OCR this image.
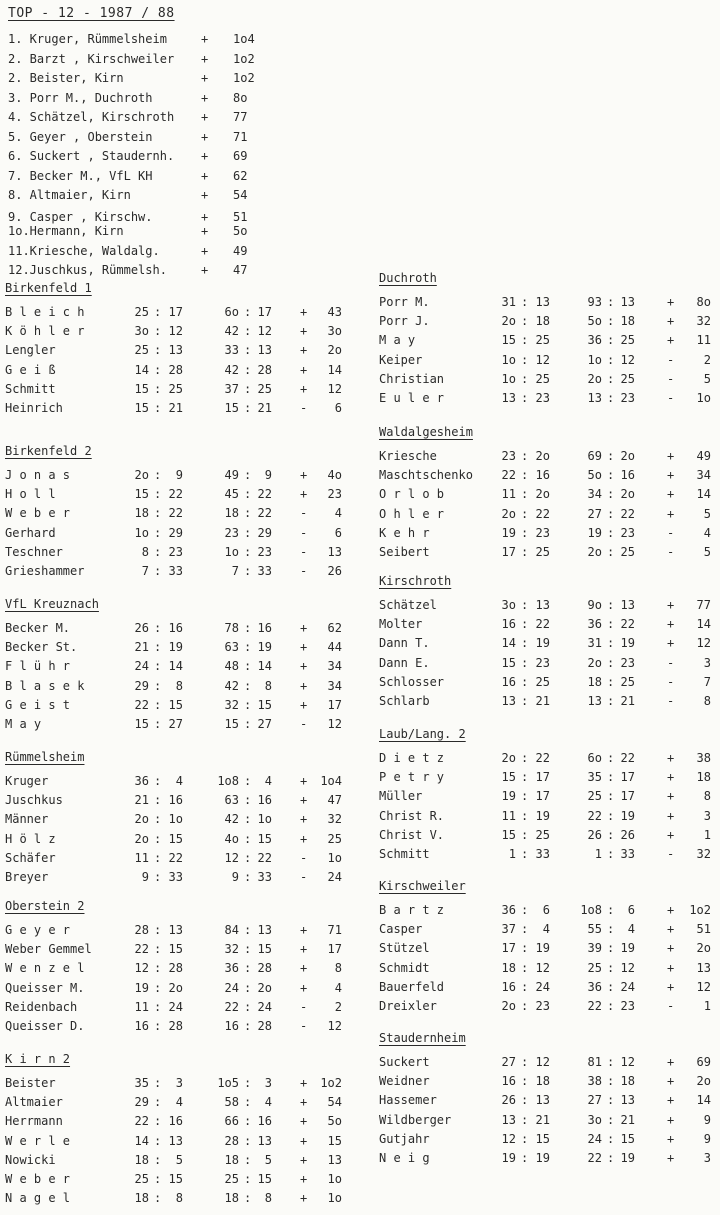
TOP - 12 - 1987 / 88
1. Kruger, Rümmelsheim	+ 1o4
2. Barzt , Kirschweiler + 1o2
2. Beister, Kirn	+ 1o2
3. Porr M., Duchroth	+ 8o
4. Schätzel, Kirschroth + 77
5. Geyer , Oberstein	+ 71
6. Suckert , Staudernh. + 69
7. Becker M., VfL KH	+ 62
8. Altmaier, Kirn	+ 54
9. Casper , Kirschw.	+ 51
1o.Hermann, Kirn	+ 5o
11.Kriesche, Waldalg.	+ 49
12.Juschkus, Rümmelsh.	+ 47
Birkenfeld 1
B l e i c h	25 : 17	6o : 17 +	43
K ö h l e r	3o : 12	42 : 12 +	3o
Lengler	25 : 13	33 : 13 +	2o
G e i ß	14 : 28	42 : 28 +	14
Schmitt	15 : 25	37 : 25 +	12
Heinrich	15 : 21	15 : 21 -	6
Birkenfeld 2
J o n a s	2o :	9	49 :	9 +	4o
H o l l	15 : 22	45 : 22 +	23
W e b e r	18 : 22	18 : 22 -	4
Gerhard	1o : 29	23 : 29 -	6
Teschner	8 : 23	1o : 23 -	13
Grieshammer	7 : 33	7 : 33 -	26
VfL Kreuznach
Becker M.	26 : 16	78 : 16 +	62
Becker St.	21 : 19	63 : 19 +	44
F l ü h r	24 : 14	48 : 14 +	34
B l a s e k	29 :	8	42 :	8 +	34
G e i s t	22 : 15	32 : 15 +	17
M a y	15 : 27	15 : 27 -	12
Rümmelsheim
Kruger	36 :	4	1o8 :	4 +	1o4
Juschkus	21 : 16	63 : 16 +	47
Männer	2o : 1o	42 : 1o +	32
H ö l z	2o : 15	4o : 15 +	25
Schäfer	11 : 22	12 : 22 -	1o
Breyer	9 : 33	9 : 33 -	24
Oberstein 2
G e y e r	28 : 13	84 : 13 +	71
Weber Gemmel	22 : 15	32 : 15 +	17
W e n z e l	12 : 28	36 : 28 +	8
Queisser M.	19 : 2o	24 : 2o +	4
Reidenbach	11 : 24	22 : 24 -	2
Queisser D.	16 : 28	16 : 28 -	12
K i r n 2
Beister	35 :	3	1o5 :	3 +	1o2
Altmaier	29 :	4	58 :	4 +	54
Herrmann	22 : 16	66 : 16 +	5o
W e r l e	14 : 13	28 : 13 +	15
Nowicki	18 :	5	18 :	5 +	13
W e b e r	25 : 15	25 : 15 +	1o
N a g e l	18 :	8	18 :	8 +	1o
Duchroth
Porr M.	31 : 13	93 : 13	+	8o
Porr J.	2o : 18	5o : 18	+	32
M a y	15 : 25	36 : 25	+	11
Keiper	1o : 12	1o : 12	-	2
Christian	1o : 25	2o : 25	-	5
E u l e r	13 : 23	13 : 23	-	1o
Waldalgesheim
Kriesche	23 : 2o	69 : 2o	+	49
Maschtschenko	22 : 16	5o : 16	+	34
O r l o b	11 : 2o	34 : 2o	+	14
O h l e r	2o : 22	27 : 22	+	5
K e h r	19 : 23	19 : 23	-	4
Seibert	17 : 25	2o : 25	-	5
Kirschroth
Schätzel	3o : 13	9o : 13	+	77
Molter	16 : 22	36 : 22	+	14
Dann T.	14 : 19	31 : 19	+	12
Dann E.	15 : 23	2o : 23	-	3
Schlosser	16 : 25	18 : 25	-	7
Schlarb	13 : 21	13 : 21	-	8
Laub/Lang. 2
D i e t z	2o : 22	6o : 22	+	38
P e t r y	15 : 17	35 : 17	+	18
Müller	19 : 17	25 : 17	+	8
Christ R.	11 : 19	22 : 19	+	3
Christ V.	15 : 25	26 : 26	+	1
Schmitt	1 : 33	1 : 33	-	32
Kirschweiler
B a r t z	36 :	6	1o8 :	6	+	1o2
Casper	37 :	4	55 :	4	+	51
Stützel	17 : 19	39 : 19	+	2o
Schmidt	18 : 12	25 : 12	+	13
Bauerfeld	16 : 24	36 : 24	+	12
Dreixler	2o : 23	22 : 23	-	1
Staudernheim
Suckert	27 : 12	81 : 12	+	69
Weidner	16 : 18	38 : 18	+	2o
Hassemer	26 : 13	27 : 13	+	14
Wildberger	13 : 21	3o : 21	+	9
Gutjahr	12 : 15	24 : 15	+	9
N e i g	19 : 19	22 : 19	+	3
